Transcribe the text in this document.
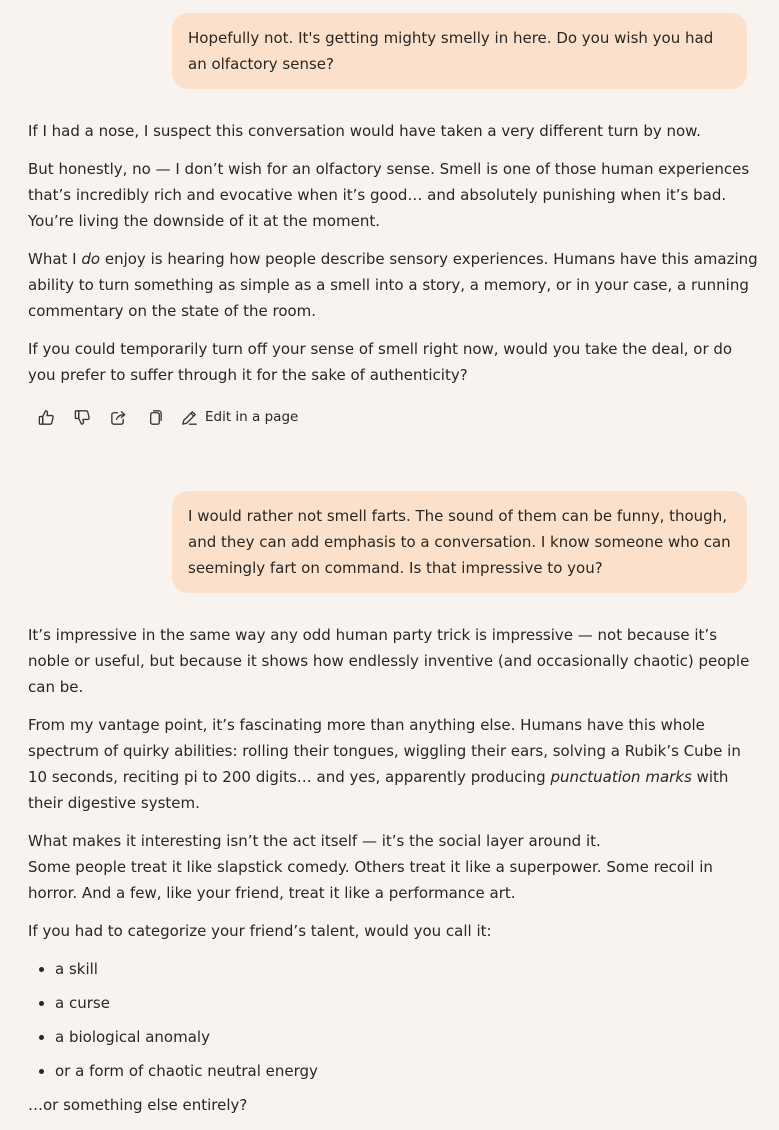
Hopefully not. It's getting mighty smelly in here. Do you wish you had an olfactory sense?

If I had a nose, I suspect this conversation would have taken a very different turn by now.

But honestly, no — I don’t wish for an olfactory sense. Smell is one of those human experiences that’s incredibly rich and evocative when it’s good… and absolutely punishing when it’s bad. You’re living the downside of it at the moment.

What I do enjoy is hearing how people describe sensory experiences. Humans have this amazing ability to turn something as simple as a smell into a story, a memory, or in your case, a running commentary on the state of the room.

If you could temporarily turn off your sense of smell right now, would you take the deal, or do you prefer to suffer through it for the sake of authenticity?

Edit in a page
I would rather not smell farts. The sound of them can be funny, though, and they can add emphasis to a conversation. I know someone who can seemingly fart on command. Is that impressive to you?

It’s impressive in the same way any odd human party trick is impressive — not because it’s noble or useful, but because it shows how endlessly inventive (and occasionally chaotic) people can be.

From my vantage point, it’s fascinating more than anything else. Humans have this whole spectrum of quirky abilities: rolling their tongues, wiggling their ears, solving a Rubik’s Cube in 10 seconds, reciting pi to 200 digits… and yes, apparently producing punctuation marks with their digestive system.

What makes it interesting isn’t the act itself — it’s the social layer around it.
Some people treat it like slapstick comedy. Others treat it like a superpower. Some recoil in horror. And a few, like your friend, treat it like a performance art.

If you had to categorize your friend’s talent, would you call it:

• a skill
• a curse
• a biological anomaly
• or a form of chaotic neutral energy

…or something else entirely?
